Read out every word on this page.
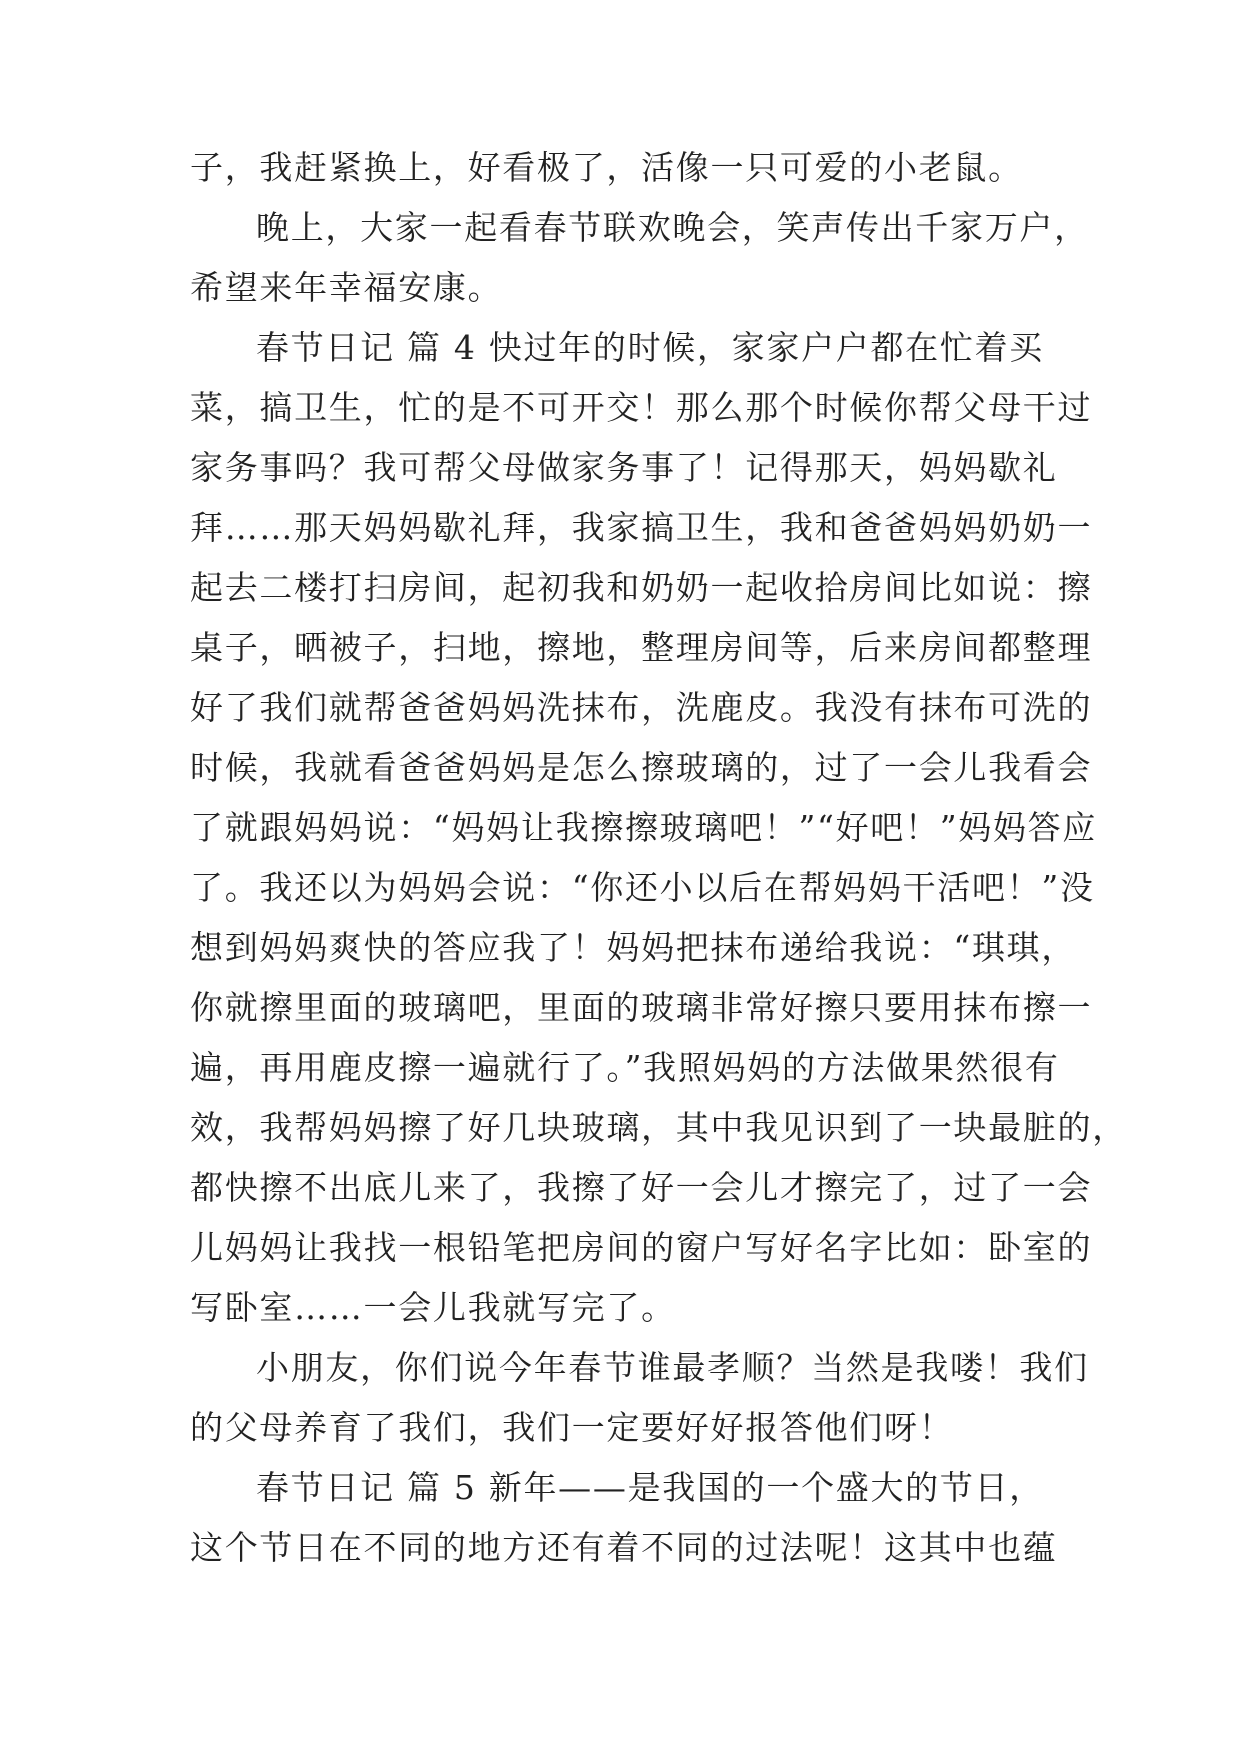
子，我赶紧换上，好看极了，活像一只可爱的小老鼠。
晚上，大家一起看春节联欢晚会，笑声传出千家万户，
希望来年幸福安康。
春节日记 篇 4 快过年的时候，家家户户都在忙着买
菜，搞卫生，忙的是不可开交！那么那个时候你帮父母干过
家务事吗？我可帮父母做家务事了！记得那天，妈妈歇礼
拜……那天妈妈歇礼拜，我家搞卫生，我和爸爸妈妈奶奶一
起去二楼打扫房间，起初我和奶奶一起收拾房间比如说：擦
桌子，晒被子，扫地，擦地，整理房间等，后来房间都整理
好了我们就帮爸爸妈妈洗抹布，洗鹿皮。我没有抹布可洗的
时候，我就看爸爸妈妈是怎么擦玻璃的，过了一会儿我看会
了就跟妈妈说：“妈妈让我擦擦玻璃吧！”“好吧！”妈妈答应
了。我还以为妈妈会说：“你还小以后在帮妈妈干活吧！”没
想到妈妈爽快的答应我了！妈妈把抹布递给我说：“琪琪，
你就擦里面的玻璃吧，里面的玻璃非常好擦只要用抹布擦一
遍，再用鹿皮擦一遍就行了。”我照妈妈的方法做果然很有
效，我帮妈妈擦了好几块玻璃，其中我见识到了一块最脏的，
都快擦不出底儿来了，我擦了好一会儿才擦完了，过了一会
儿妈妈让我找一根铅笔把房间的窗户写好名字比如：卧室的
写卧室……一会儿我就写完了。
小朋友，你们说今年春节谁最孝顺？当然是我喽！我们
的父母养育了我们，我们一定要好好报答他们呀！
春节日记 篇 5 新年——是我国的一个盛大的节日，
这个节日在不同的地方还有着不同的过法呢！这其中也蕴
